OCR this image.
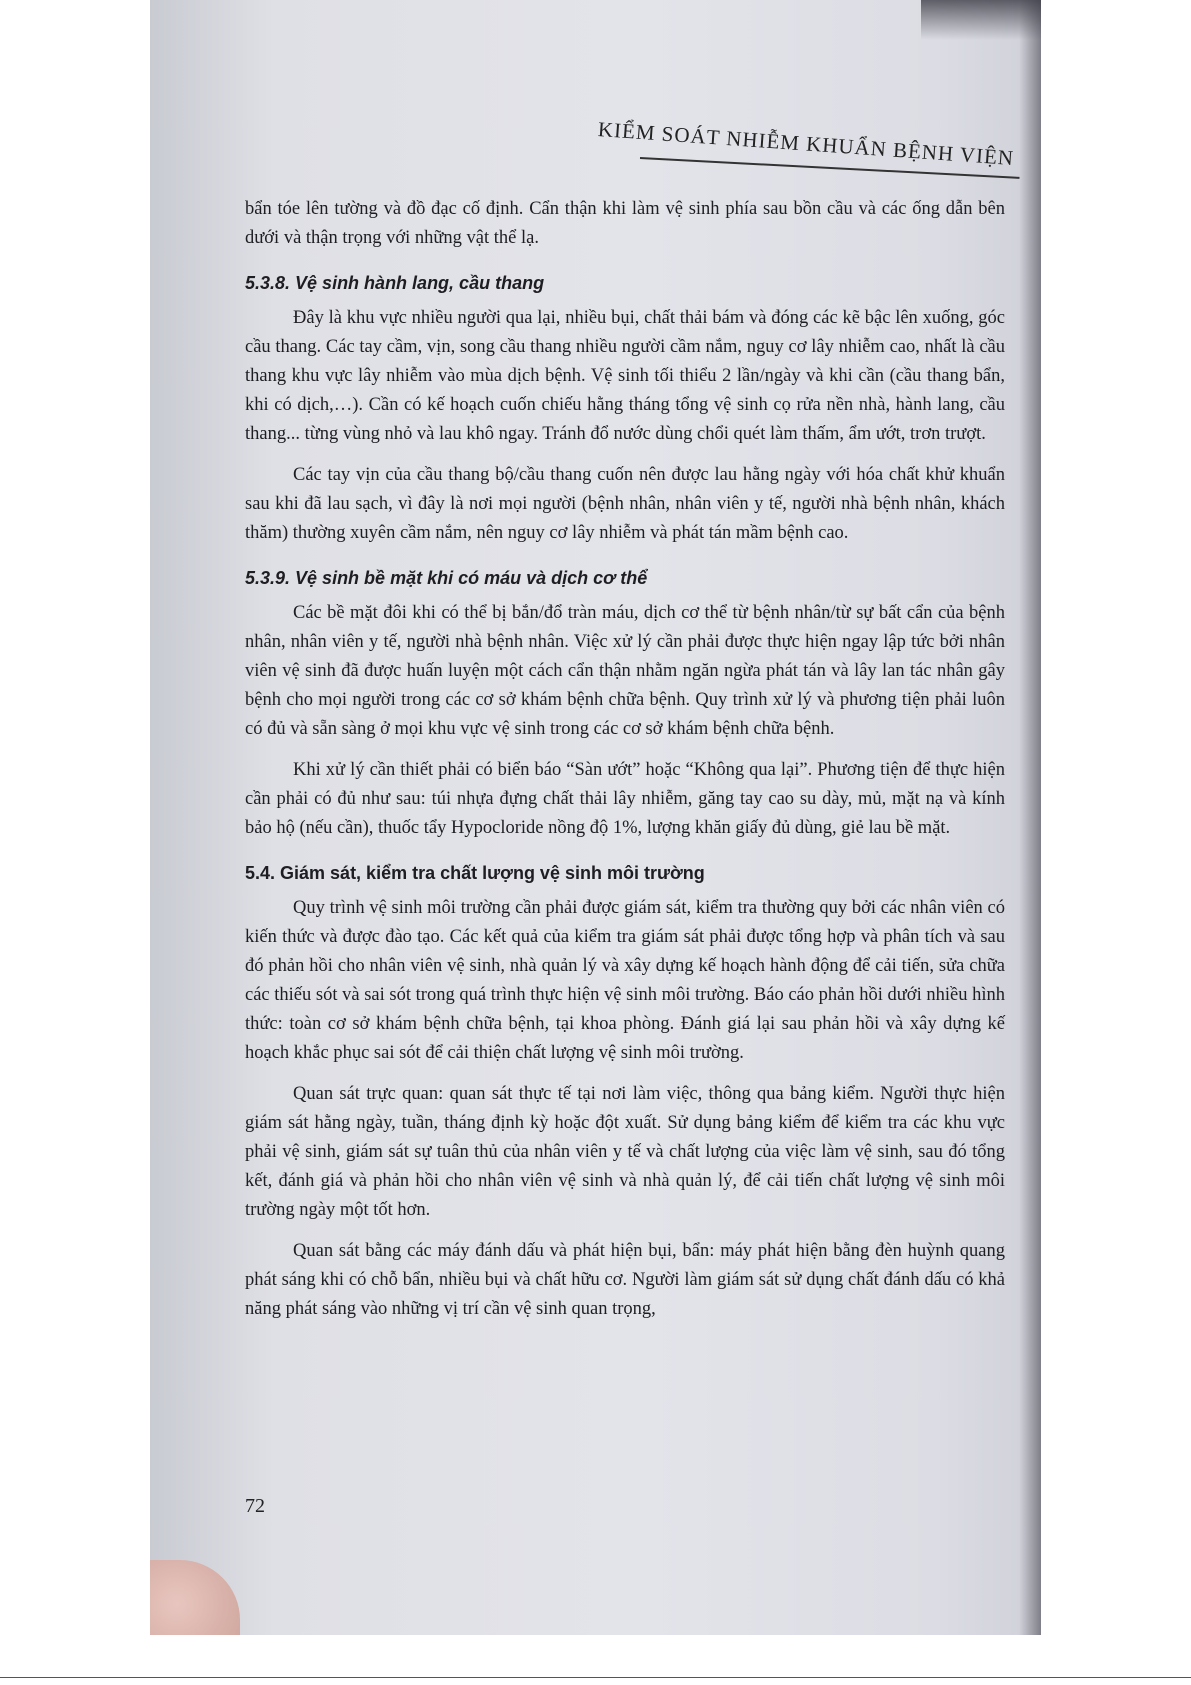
KIỂM SOÁT NHIỄM KHUẨN BỆNH VIỆN

bẩn tóe lên tường và đồ đạc cố định. Cẩn thận khi làm vệ sinh phía sau bồn cầu và các ống dẫn bên dưới và thận trọng với những vật thể lạ.

5.3.8. Vệ sinh hành lang, cầu thang

Đây là khu vực nhiều người qua lại, nhiều bụi, chất thải bám và đóng các kẽ bậc lên xuống, góc cầu thang. Các tay cầm, vịn, song cầu thang nhiều người cầm nắm, nguy cơ lây nhiễm cao, nhất là cầu thang khu vực lây nhiễm vào mùa dịch bệnh. Vệ sinh tối thiểu 2 lần/ngày và khi cần (cầu thang bẩn, khi có dịch,…). Cần có kế hoạch cuốn chiếu hằng tháng tổng vệ sinh cọ rửa nền nhà, hành lang, cầu thang... từng vùng nhỏ và lau khô ngay. Tránh đổ nước dùng chổi quét làm thấm, ẩm ướt, trơn trượt.

Các tay vịn của cầu thang bộ/cầu thang cuốn nên được lau hằng ngày với hóa chất khử khuẩn sau khi đã lau sạch, vì đây là nơi mọi người (bệnh nhân, nhân viên y tế, người nhà bệnh nhân, khách thăm) thường xuyên cầm nắm, nên nguy cơ lây nhiễm và phát tán mầm bệnh cao.

5.3.9. Vệ sinh bề mặt khi có máu và dịch cơ thể

Các bề mặt đôi khi có thể bị bắn/đổ tràn máu, dịch cơ thể từ bệnh nhân/từ sự bất cẩn của bệnh nhân, nhân viên y tế, người nhà bệnh nhân. Việc xử lý cần phải được thực hiện ngay lập tức bởi nhân viên vệ sinh đã được huấn luyện một cách cẩn thận nhằm ngăn ngừa phát tán và lây lan tác nhân gây bệnh cho mọi người trong các cơ sở khám bệnh chữa bệnh. Quy trình xử lý và phương tiện phải luôn có đủ và sẵn sàng ở mọi khu vực vệ sinh trong các cơ sở khám bệnh chữa bệnh.

Khi xử lý cần thiết phải có biển báo “Sàn ướt” hoặc “Không qua lại”. Phương tiện để thực hiện cần phải có đủ như sau: túi nhựa đựng chất thải lây nhiễm, găng tay cao su dày, mủ, mặt nạ và kính bảo hộ (nếu cần), thuốc tẩy Hypocloride nồng độ 1%, lượng khăn giấy đủ dùng, giẻ lau bề mặt.

5.4. Giám sát, kiểm tra chất lượng vệ sinh môi trường

Quy trình vệ sinh môi trường cần phải được giám sát, kiểm tra thường quy bởi các nhân viên có kiến thức và được đào tạo. Các kết quả của kiểm tra giám sát phải được tổng hợp và phân tích và sau đó phản hồi cho nhân viên vệ sinh, nhà quản lý và xây dựng kế hoạch hành động để cải tiến, sửa chữa các thiếu sót và sai sót trong quá trình thực hiện vệ sinh môi trường. Báo cáo phản hồi dưới nhiều hình thức: toàn cơ sở khám bệnh chữa bệnh, tại khoa phòng. Đánh giá lại sau phản hồi và xây dựng kế hoạch khắc phục sai sót để cải thiện chất lượng vệ sinh môi trường.

Quan sát trực quan: quan sát thực tế tại nơi làm việc, thông qua bảng kiểm. Người thực hiện giám sát hằng ngày, tuần, tháng định kỳ hoặc đột xuất. Sử dụng bảng kiểm để kiểm tra các khu vực phải vệ sinh, giám sát sự tuân thủ của nhân viên y tế và chất lượng của việc làm vệ sinh, sau đó tổng kết, đánh giá và phản hồi cho nhân viên vệ sinh và nhà quản lý, để cải tiến chất lượng vệ sinh môi trường ngày một tốt hơn.

Quan sát bằng các máy đánh dấu và phát hiện bụi, bẩn: máy phát hiện bằng đèn huỳnh quang phát sáng khi có chỗ bẩn, nhiều bụi và chất hữu cơ. Người làm giám sát sử dụng chất đánh dấu có khả năng phát sáng vào những vị trí cần vệ sinh quan trọng,

72
